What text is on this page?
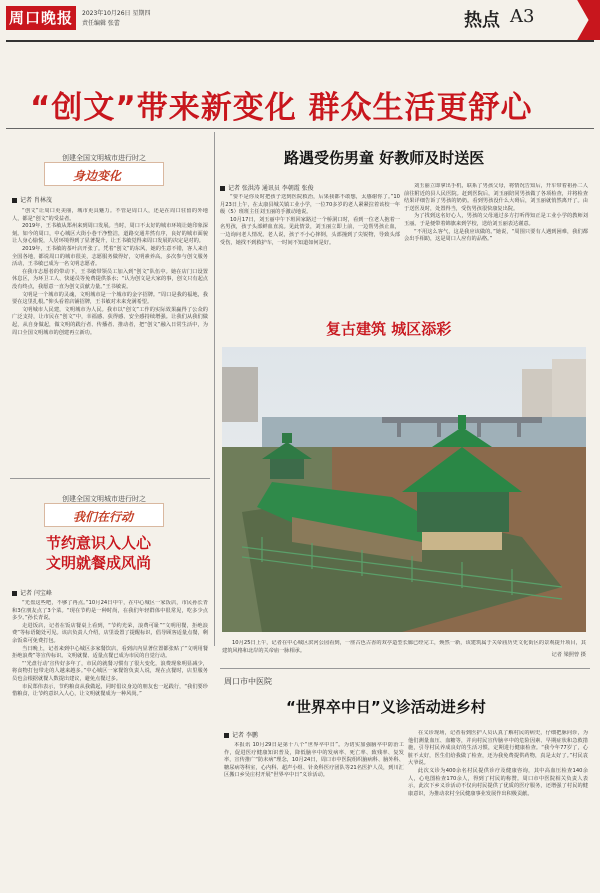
周口晚报	2023年10月26日 星期四
责任编辑 张蕾	热点 A3
“创文”带来新变化 群众生活更舒心
创建全国文明城市进行时之
身边变化
记者 肖林茂

“创文”让周口更美丽，城市更具魅力。不管是周口人，还是在周口驻留的外地人，都是“创文”的受益者。

2019年，王书敏从郑州来到周口发展。当时，周口不太好的城市环境让她印象深刻。如今的周口，中心城区大街小巷干净整洁，道路交通井然有序，良好的城市面貌让人身心愉悦，人居环境得到了显著提升，让王书敏觉得来周口发展的决定是对的。

2019年，王书敏的茶叶店开张了。凭着“创文”的东风，她的生意不错，客人来自全国各地，都说周口的城市很美，志愿服务做得好，文明素养高。多次参与创文服务活动，王书敏已成为一名文明志愿者。

在我市志愿者的带动下，王书敏带领员工加入到“创文”队伍中。她在店门口设置休息区，为环卫工人、快递员等免费提供茶水；“认为创文是大家的事，创文只有起点没有终点，我愿意一直为创文贡献力量。”王书敏说。

文明是一个城市的灵魂，文明城市是一个城市的金字招牌。“周口是我的福地，我要在这里扎根。”仰头看着店铺招牌，王书敏对未来充满希望。

文明城市人民建，文明城市为人民。我市以“创文”工作的实际效果赢得了公众的广泛支持，让市民在“创文”中，幸福感、获得感、安全感持续增强。让我们从我们做起，从自身做起，做文明的践行者、传播者、推动者，把“创文”融入日常生活中，为周口全国文明城市的创建再立新功。

路遇受伤男童 好教师及时送医
记者 张洪涛 通讯员 李朝霞 张俊

“要不是你及时把孩子送到医院救治，后果我都不敢想，太感谢你了。”10月23日上午，在太康县城关镇工业小学，一位70多岁的老人紧紧拉着该校一年级（5）班班主任刘玉丽的手激动地说。

10月17日，刘玉丽中午下班回家路过一个桥洞口时，看到一位老人抱着一名男孩，孩子头部鲜血直流。见此情景，刘玉丽立即上前，一边帮男孩止血，一边询问老人情况。老人说，孩子不小心摔倒，头部撞到了尖锐物，导致头部受伤，她找不到救护车，一时间不知道如何是好。

刘玉丽立即拿出手机，联系了男孩父母，将情况告知后，开车带着祖孙二人前往附近的县人民医院。赶到医院后，刘玉丽陪同男孩做了各项检查，并将检查结果详细告诉了男孩的奶奶。看到男孩没什么大碍后，刘玉丽就悄然离开了。由于送医及时，处置得当，受伤男孩很快康复出院。

为了找到这名好心人，男孩的父母通过多方打听得知正是工业小学的教师刘玉丽。于是便带着锦旗来到学校，送给刘玉丽表达谢意。

“不用这么客气，这是我应该做的。”她说，“周围只要有人遇到困难，我们都会出手相助，这是周口人应有的品格。”

复古建筑 城区添彩
10月25日上午，记者在中心城区滨河公园看到，一座古色古香的双亭造型长廊已经完工，焕然一新，该建筑属于关帝庙历史文化街区的景观提升项目，其建筑风格和北岸的关帝庙一脉相承。
记者 梁照曾 摄
创建全国文明城市进行时之
我们在行动
节约意识入人心
文明就餐成风尚
记者 闫宝峰

“光盘这些吧，不够了再点。”10月24日中午，在中心城区一家饭店，市民孙长青和3位朋友点了3个菜。“现在节约是一种时尚，在我们年轻群体中很常见，吃多少点多少。”孙长青说。

走进饭店，记者在饭店餐桌上看到，“节约光荣，浪费可耻”“文明用餐，拒绝浪费”等标语随处可见。该店负责人介绍，店里设置了提醒标识，倡导顾客适量点餐，剩余饭菜可免费打包。

当日晚上，记者来到中心城区多家餐饮店，看到店内显著位置都张贴了“文明用餐 拒绝浪费”等宣传标识。文明就餐、适量点餐已成为市民的自觉行动。

“‘光盘行动’宣传好多年了，市民的就餐习惯有了很大变化，浪费现象明显减少，将食物打包带走的人越来越多。”中心城区一家餐馆负责人说，现在点餐时，店里服务员也会根据就餐人数提出建议，避免点餐过多。

市民郑伟表示，节约粮食从我做起，同时倡议身边的朋友也一起践行，“我们要珍惜粮食，让节约意识入人心，让文明就餐成为一种风尚。”

周口市中医院
“世界卒中日”义诊活动进乡村
记者 李鹏

本报讯 10月29日是第十八个“世界卒中日”。为切实加强脑卒中防治工作，促进医疗健康知识普及，降低脑卒中的发病率、死亡率、致残率、复发率，宣传推广“防未病”理念，10月24日，周口市中医院组织脑病科、脑外科、糖尿病等科室，心内科、超声小组、针灸科医疗团队等21名医护人员，到川汇区搬口乡吴庄村开展“世界卒中日”义诊活动。

在义诊现场，记者看到医护人员认真了解村民的病史，仔细把脉问诊，为他们测量血压、血糖等，并向村民宣传脑卒中的危险因素、早期症状和急救措施，引导村民养成良好的生活习惯，定期进行健康检查。“我今年77岁了，心脏不太好，医生们给我做了检查，还为我免费提供药物，真是太好了。”村民袁大爷说。

此次义诊为400余名村民提供诊疗及健康咨询，其中高血压检查140余人，心电图检查170余人，得到了村民的称赞。周口市中医院相关负责人表示，此次下乡义诊活动不仅向村民提供了优质的医疗服务，还增强了村民的健康意识，为推动农村全民健康事业发展作出积极贡献。
